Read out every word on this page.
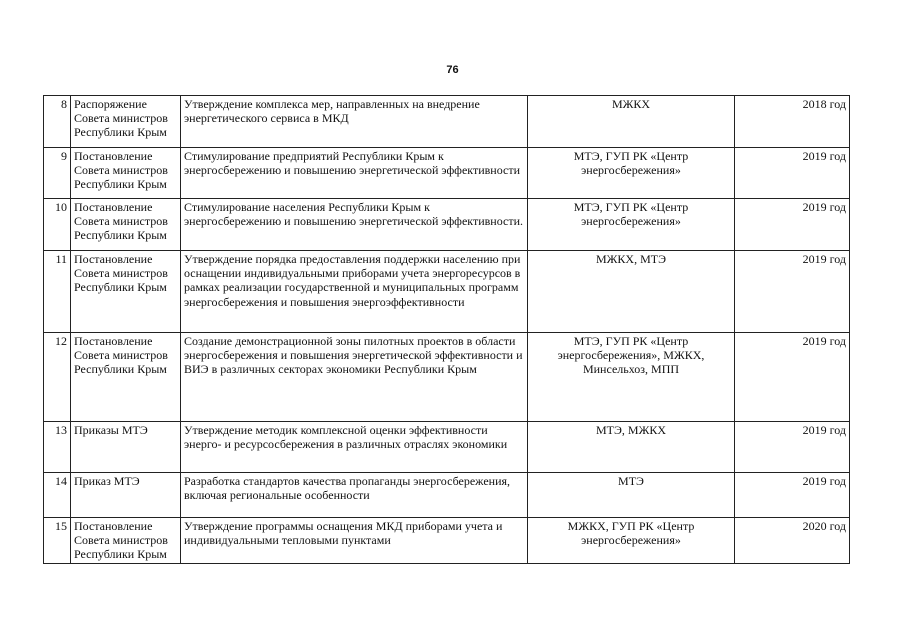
76
8	Распоряжение Совета министров Республики Крым	Утверждение комплекса мер, направленных на внедрение энергетического сервиса в МКД	МЖКХ	2018 год
9	Постановление Совета министров Республики Крым	Стимулирование предприятий Республики Крым к энергосбережению и повышению энергетической эффективности	МТЭ, ГУП РК «Центр энергосбережения»	2019 год
10	Постановление Совета министров Республики Крым	Стимулирование населения Республики Крым к энергосбережению и повышению энергетической эффективности.	МТЭ, ГУП РК «Центр энергосбережения»	2019 год
11	Постановление Совета министров Республики Крым	Утверждение порядка предоставления поддержки населению при оснащении индивидуальными приборами учета энергоресурсов в рамках реализации государственной и муниципальных программ энергосбережения и повышения энергоэффективности	МЖКХ, МТЭ	2019 год
12	Постановление Совета министров Республики Крым	Создание демонстрационной зоны пилотных проектов в области энергосбережения и повышения энергетической эффективности и ВИЭ в различных секторах экономики Республики Крым	МТЭ, ГУП РК «Центр энергосбережения», МЖКХ, Минсельхоз, МПП	2019 год
13	Приказы МТЭ	Утверждение методик комплексной оценки эффективности энерго- и ресурсосбережения в различных отраслях экономики	МТЭ, МЖКХ	2019 год
14	Приказ МТЭ	Разработка стандартов качества пропаганды энергосбережения, включая региональные особенности	МТЭ	2019 год
15	Постановление Совета министров Республики Крым	Утверждение программы оснащения МКД приборами учета и индивидуальными тепловыми пунктами	МЖКХ, ГУП РК «Центр энергосбережения»	2020 год
